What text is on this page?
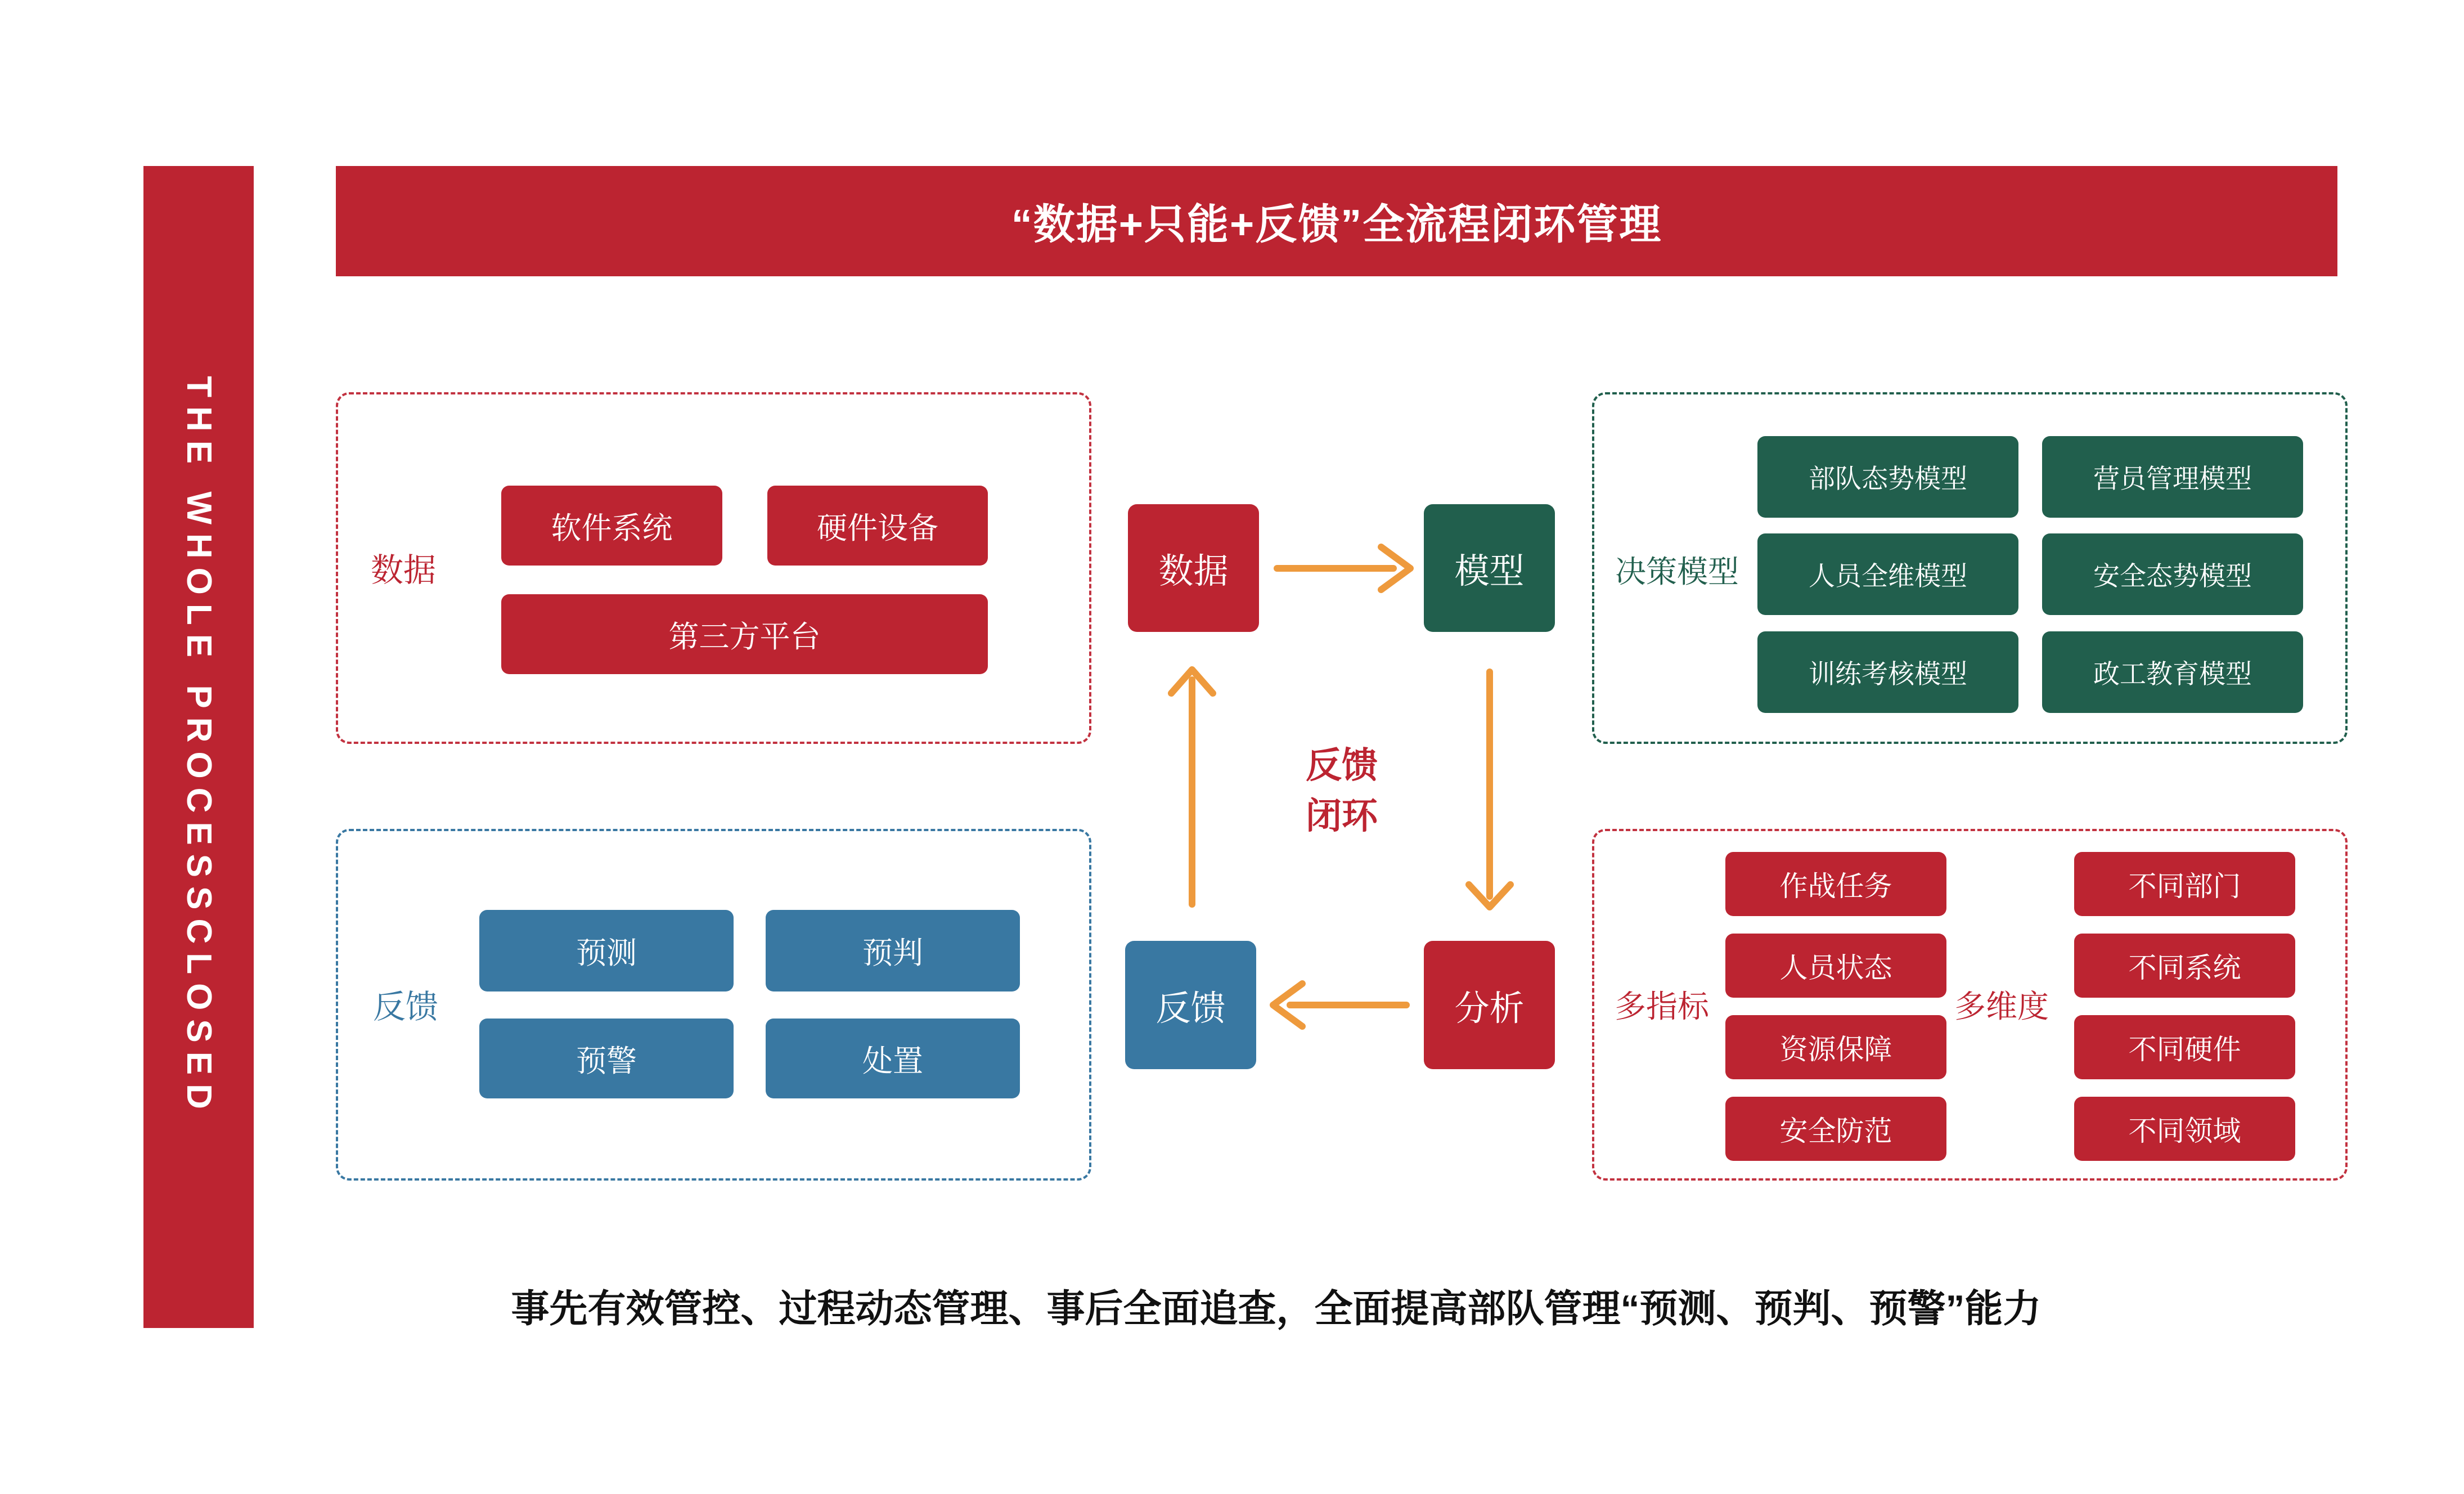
THE WHOLE PROCESSCLOSED
“数据+只能+反馈”全流程闭环管理
数据
软件系统	硬件设备
第三方平台
反馈
预测	预判
预警	处置
决策模型
部队态势模型	营员管理模型
人员全维模型	安全态势模型
训练考核模型	政工教育模型
多指标
作战任务
人员状态
资源保障
安全防范
多维度
不同部门
不同系统
不同硬件
不同领域
数据	模型
分析
反馈
反馈
闭环
事先有效管控、过程动态管理、事后全面追查，全面提高部队管理“预测、预判、预警”能力
